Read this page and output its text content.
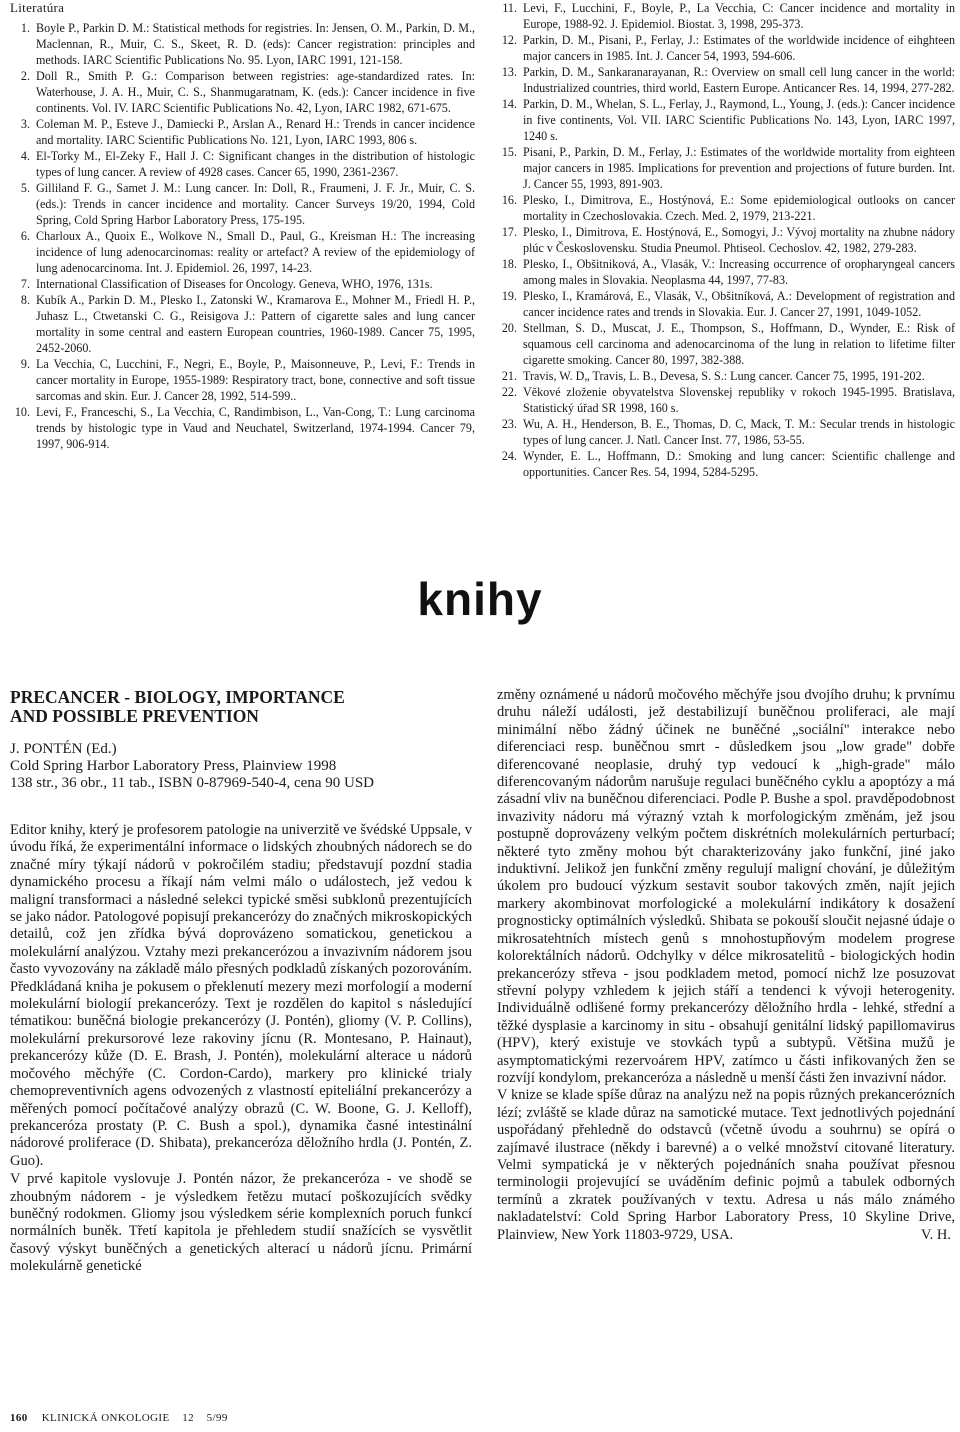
Literatúra
1. Boyle P., Parkin D. M.: Statistical methods for registries. In: Jensen, O. M., Parkin, D. M., Maclennan, R., Muir, C. S., Skeet, R. D. (eds): Cancer registration: principles and methods. IARC Scientific Publications No. 95. Lyon, IARC 1991, 121-158.
2. Doll R., Smith P. G.: Comparison between registries: age-standardized rates. In: Waterhouse, J. A. H., Muir, C. S., Shanmugaratnam, K. (eds.): Cancer incidence in five continents. Vol. IV. IARC Scientific Publications No. 42, Lyon, IARC 1982, 671-675.
3. Coleman M. P., Esteve J., Damiecki P., Arslan A., Renard H.: Trends in cancer incidence and mortality. IARC Scientific Publications No. 121, Lyon, IARC 1993, 806 s.
4. El-Torky M., El-Zeky F., Hall J. C: Significant changes in the distribution of histologic types of lung cancer. A review of 4928 cases. Cancer 65, 1990, 2361-2367.
5. Gilliland F. G., Samet J. M.: Lung cancer. In: Doll, R., Fraumeni, J. F. Jr., Muir, C. S. (eds.): Trends in cancer incidence and mortality. Cancer Surveys 19/20, 1994, Cold Spring, Cold Spring Harbor Laboratory Press, 175-195.
6. Charloux A., Quoix E., Wolkove N., Small D., Paul, G., Kreisman H.: The increasing incidence of lung adenocarcinomas: reality or artefact? A review of the epidemiology of lung adenocarcinoma. Int. J. Epidemiol. 26, 1997, 14-23.
7. International Classification of Diseases for Oncology. Geneva, WHO, 1976, 131s.
8. Kubík A., Parkin D. M., Plesko I., Zatonski W., Kramarova E., Mohner M., Friedl H. P., Juhasz L., Ctwetanski C. G., Reisigova J.: Pattern of cigarette sales and lung cancer mortality in some central and eastern European countries, 1960-1989. Cancer 75, 1995, 2452-2060.
9. La Vecchia, C, Lucchini, F., Negri, E., Boyle, P., Maisonneuve, P., Levi, F.: Trends in cancer mortality in Europe, 1955-1989: Respiratory tract, bone, connective and soft tissue sarcomas and skin. Eur. J. Cancer 28, 1992, 514-599..
10. Levi, F., Franceschi, S., La Vecchia, C, Randimbison, L., Van-Cong, T.: Lung carcinoma trends by histologic type in Vaud and Neuchatel, Switzerland, 1974-1994. Cancer 79, 1997, 906-914.
11. Levi, F., Lucchini, F., Boyle, P., La Vecchia, C: Cancer incidence and mortality in Europe, 1988-92. J. Epidemiol. Biostat. 3, 1998, 295-373.
12. Parkin, D. M., Pisani, P., Ferlay, J.: Estimates of the worldwide incidence of eihghteen major cancers in 1985. Int. J. Cancer 54, 1993, 594-606.
13. Parkin, D. M., Sankaranarayanan, R.: Overview on small cell lung cancer in the world: Industrialized countries, third world, Eastern Europe. Anticancer Res. 14, 1994, 277-282.
14. Parkin, D. M., Whelan, S. L., Ferlay, J., Raymond, L., Young, J. (eds.): Cancer incidence in five continents, Vol. VII. IARC Scientific Publications No. 143, Lyon, IARC 1997, 1240 s.
15. Pisani, P., Parkin, D. M., Ferlay, J.: Estimates of the worldwide mortality from eighteen major cancers in 1985. Implications for prevention and projections of future burden. Int. J. Cancer 55, 1993, 891-903.
16. Plesko, I., Dimitrova, E., Hostýnová, E.: Some epidemiological outlooks on cancer mortality in Czechoslovakia. Czech. Med. 2, 1979, 213-221.
17. Plesko, I., Dimitrova, E. Hostýnová, E., Somogyi, J.: Vývoj mortality na zhubne nádory plúc v Československu. Studia Pneumol. Phtiseol. Cechoslov. 42, 1982, 279-283.
18. Plesko, I., Obšitniková, A., Vlasák, V.: Increasing occurrence of oropharyngeal cancers among males in Slovakia. Neoplasma 44, 1997, 77-83.
19. Plesko, I., Kramárová, E., Vlasák, V., Obšitníková, A.: Development of registration and cancer incidence rates and trends in Slovakia. Eur. J. Cancer 27, 1991, 1049-1052.
20. Stellman, S. D., Muscat, J. E., Thompson, S., Hoffmann, D., Wynder, E.: Risk of squamous cell carcinoma and adenocarcinoma of the lung in relation to lifetime filter cigarette smoking. Cancer 80, 1997, 382-388.
21. Travis, W. D„ Travis, L. B., Devesa, S. S.: Lung cancer. Cancer 75, 1995, 191-202.
22. Věkové zloženie obyvatelstva Slovenskej republiky v rokoch 1945-1995. Bratislava, Statistický úřad SR 1998, 160 s.
23. Wu, A. H., Henderson, B. E., Thomas, D. C, Mack, T. M.: Secular trends in histologic types of lung cancer. J. Natl. Cancer Inst. 77, 1986, 53-55.
24. Wynder, E. L., Hoffmann, D.: Smoking and lung cancer: Scientific challenge and opportunities. Cancer Res. 54, 1994, 5284-5295.
knihy
PRECANCER - BIOLOGY, IMPORTANCE
AND POSSIBLE PREVENTION
J. PONTÉN (Ed.)
Cold Spring Harbor Laboratory Press, Plainview 1998
138 str., 36 obr., 11 tab., ISBN 0-87969-540-4, cena 90 USD

Editor knihy, který je profesorem patologie na univerzitě ve švédské Uppsale, v úvodu říká, že experimentální informace o lidských zhoubných nádorech se do značné míry týkají nádorů v pokročilém stadiu; představují pozdní stadia dynamického procesu a říkají nám velmi málo o událostech, jež vedou k maligní transformaci a následné selekci typické směsi subklonů prezentujících se jako nádor. Patologové popisují prekancerózy do značných mikroskopických detailů, což jen zřídka bývá doprovázeno somatickou, genetickou a molekulární analýzou. Vztahy mezi prekancerózou a invazivním nádorem jsou často vyvozovány na základě málo přesných podkladů získaných pozorováním. Předkládaná kniha je pokusem o překlenutí mezery mezi morfologií a moderní molekulární biologií prekancerózy. Text je rozdělen do kapitol s následující tématikou: buněčná biologie prekancerózy (J. Pontén), gliomy (V. P. Collins), molekulární prekursorové leze rakoviny jícnu (R. Montesano, P. Hainaut), prekancerózy kůže (D. E. Brash, J. Pontén), molekulární alterace u nádorů močového měchýře (C. Cordon-Cardo), markery pro klinické trialy chemopreventivních agens odvozených z vlastností epiteliální prekancerózy a měřených pomocí počítačové analýzy obrazů (C. W. Boone, G. J. Kelloff), prekanceróza prostaty (P. C. Bush a spol.), dynamika časné intestinální nádorové proliferace (D. Shibata), prekanceróza děložního hrdla (J. Pontén, Z. Guo).

V prvé kapitole vyslovuje J. Pontén názor, že prekanceróza - ve shodě se zhoubným nádorem - je výsledkem řetězu mutací poškozujících svědky buněčný rodokmen. Gliomy jsou výsledkem série komplexních poruch funkcí normálních buněk. Třetí kapitola je přehledem studií snažících se vysvětlit časový výskyt buněčných a genetických alterací u nádorů jícnu. Primární molekulárně genetické

změny oznámené u nádorů močového měchýře jsou dvojího druhu; k prvnímu druhu náleží události, jež destabilizují buněčnou proliferaci, ale mají minimální něbo žádný účinek ne buněčné „sociální" interakce nebo diferenciaci resp. buněčnou smrt - důsledkem jsou „low grade" dobře diferencované neoplasie, druhý typ vedoucí k „high-grade" málo diferencovaným nádorům narušuje regulaci buněčného cyklu a apoptózy a má zásadní vliv na buněčnou diferenciaci. Podle P. Bushe a spol. pravděpodobnost invazivity nádoru má výrazný vztah k morfologickým změnám, jež jsou postupně doprovázeny velkým počtem diskrétních molekulárních perturbací; některé tyto změny mohou být charakterizovány jako funkční, jiné jako induktivní. Jelikož jen funkční změny regulují maligní chování, je důležitým úkolem pro budoucí výzkum sestavit soubor takových změn, najít jejich markery akombinovat morfologické a molekulární indikátory k dosažení prognosticky optimálních výsledků. Shibata se pokouší sloučit nejasné údaje o mikrosatehtních místech genů s mnohostupňovým modelem progrese kolorektálních nádorů. Odchylky v délce mikrosatelitů - biologických hodin prekancerózy střeva - jsou podkladem metod, pomocí nichž lze posuzovat střevní polypy vzhledem k jejich stáří a tendenci k vývoji heterogenity. Individuálně odlišené formy prekancerózy děložního hrdla - lehké, střední a těžké dysplasie a karcinomy in situ - obsahují genitální lidský papillomavirus (HPV), který existuje ve stovkách typů a subtypů. Většina mužů je asymptomatickými rezervoárem HPV, zatímco u části infikovaných žen se rozvíjí kondylom, prekanceróza a následně u menší části žen invazivní nádor.

V knize se klade spíše důraz na analýzu než na popis různých prekancerózních lézí; zvláště se klade důraz na samotické mutace. Text jednotlivých pojednání uspořádaný přehledně do odstavců (včetně úvodu a souhrnu) se opírá o zajímavé ilustrace (někdy i barevné) a o velké množství citované literatury. Velmi sympatická je v některých pojednáních snaha používat přesnou terminologii projevující se uváděním definic pojmů a tabulek odborných termínů a zkratek používaných v textu. Adresa u nás málo známého nakladatelství: Cold Spring Harbor Laboratory Press, 10 Skyline Drive, Plainview, New York 11803-9729, USA.	V. H.

160 KLINICKÁ ONKOLOGIE 12 5/99
